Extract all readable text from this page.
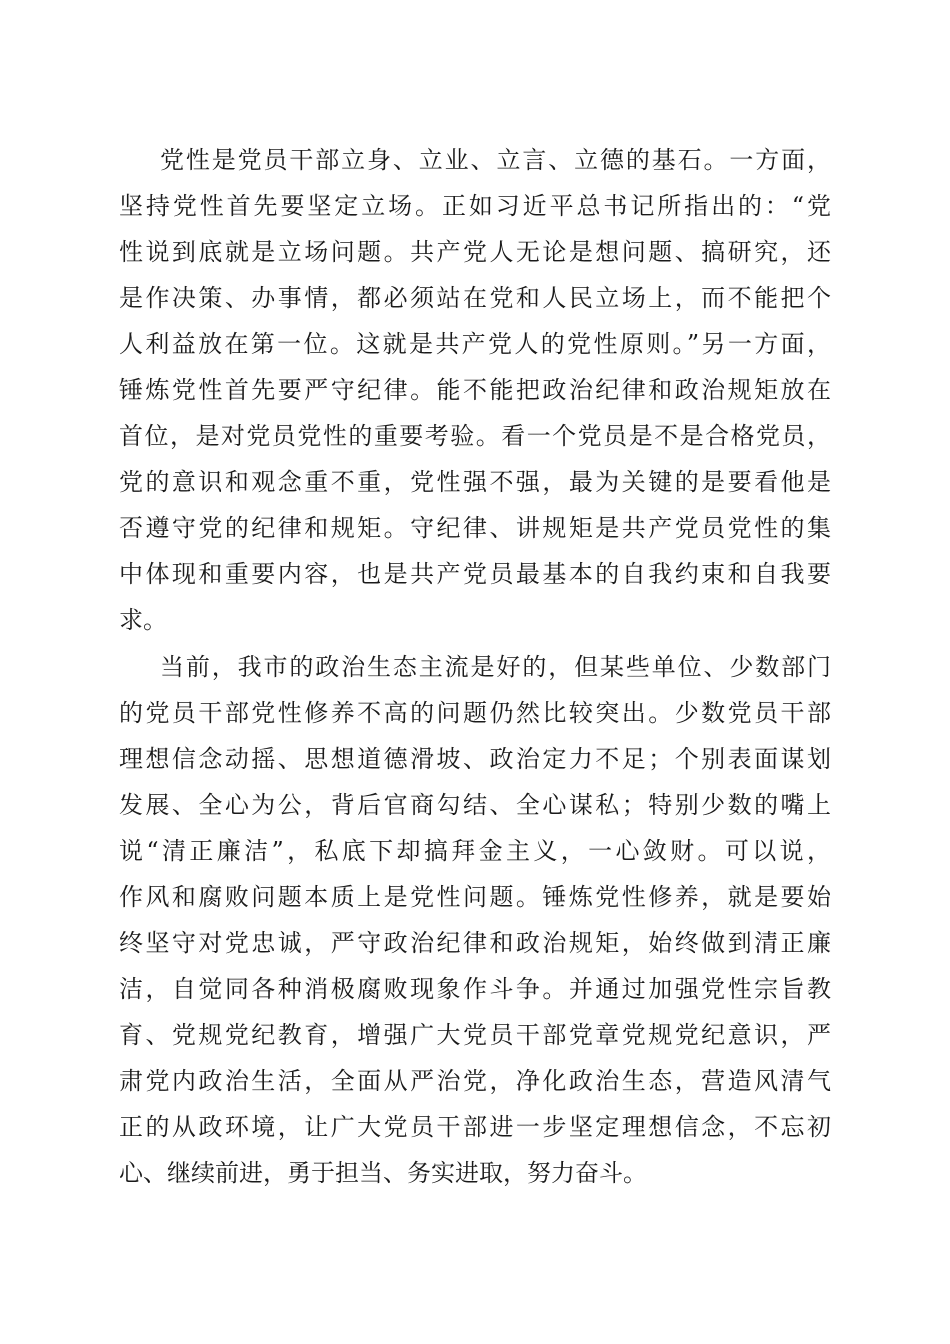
党性是党员干部立身、立业、立言、立德的基石。一方面，
坚持党性首先要坚定立场。正如习近平总书记所指出的：“党
性说到底就是立场问题。共产党人无论是想问题、搞研究，还
是作决策、办事情，都必须站在党和人民立场上，而不能把个
人利益放在第一位。这就是共产党人的党性原则。”另一方面，
锤炼党性首先要严守纪律。能不能把政治纪律和政治规矩放在
首位，是对党员党性的重要考验。看一个党员是不是合格党员，
党的意识和观念重不重，党性强不强，最为关键的是要看他是
否遵守党的纪律和规矩。守纪律、讲规矩是共产党员党性的集
中体现和重要内容，也是共产党员最基本的自我约束和自我要
求。
当前，我市的政治生态主流是好的，但某些单位、少数部门
的党员干部党性修养不高的问题仍然比较突出。少数党员干部
理想信念动摇、思想道德滑坡、政治定力不足；个别表面谋划
发展、全心为公，背后官商勾结、全心谋私；特别少数的嘴上
说“清正廉洁”，私底下却搞拜金主义，一心敛财。可以说，
作风和腐败问题本质上是党性问题。锤炼党性修养，就是要始
终坚守对党忠诚，严守政治纪律和政治规矩，始终做到清正廉
洁，自觉同各种消极腐败现象作斗争。并通过加强党性宗旨教
育、党规党纪教育，增强广大党员干部党章党规党纪意识，严
肃党内政治生活，全面从严治党，净化政治生态，营造风清气
正的从政环境，让广大党员干部进一步坚定理想信念，不忘初
心、继续前进，勇于担当、务实进取，努力奋斗。
